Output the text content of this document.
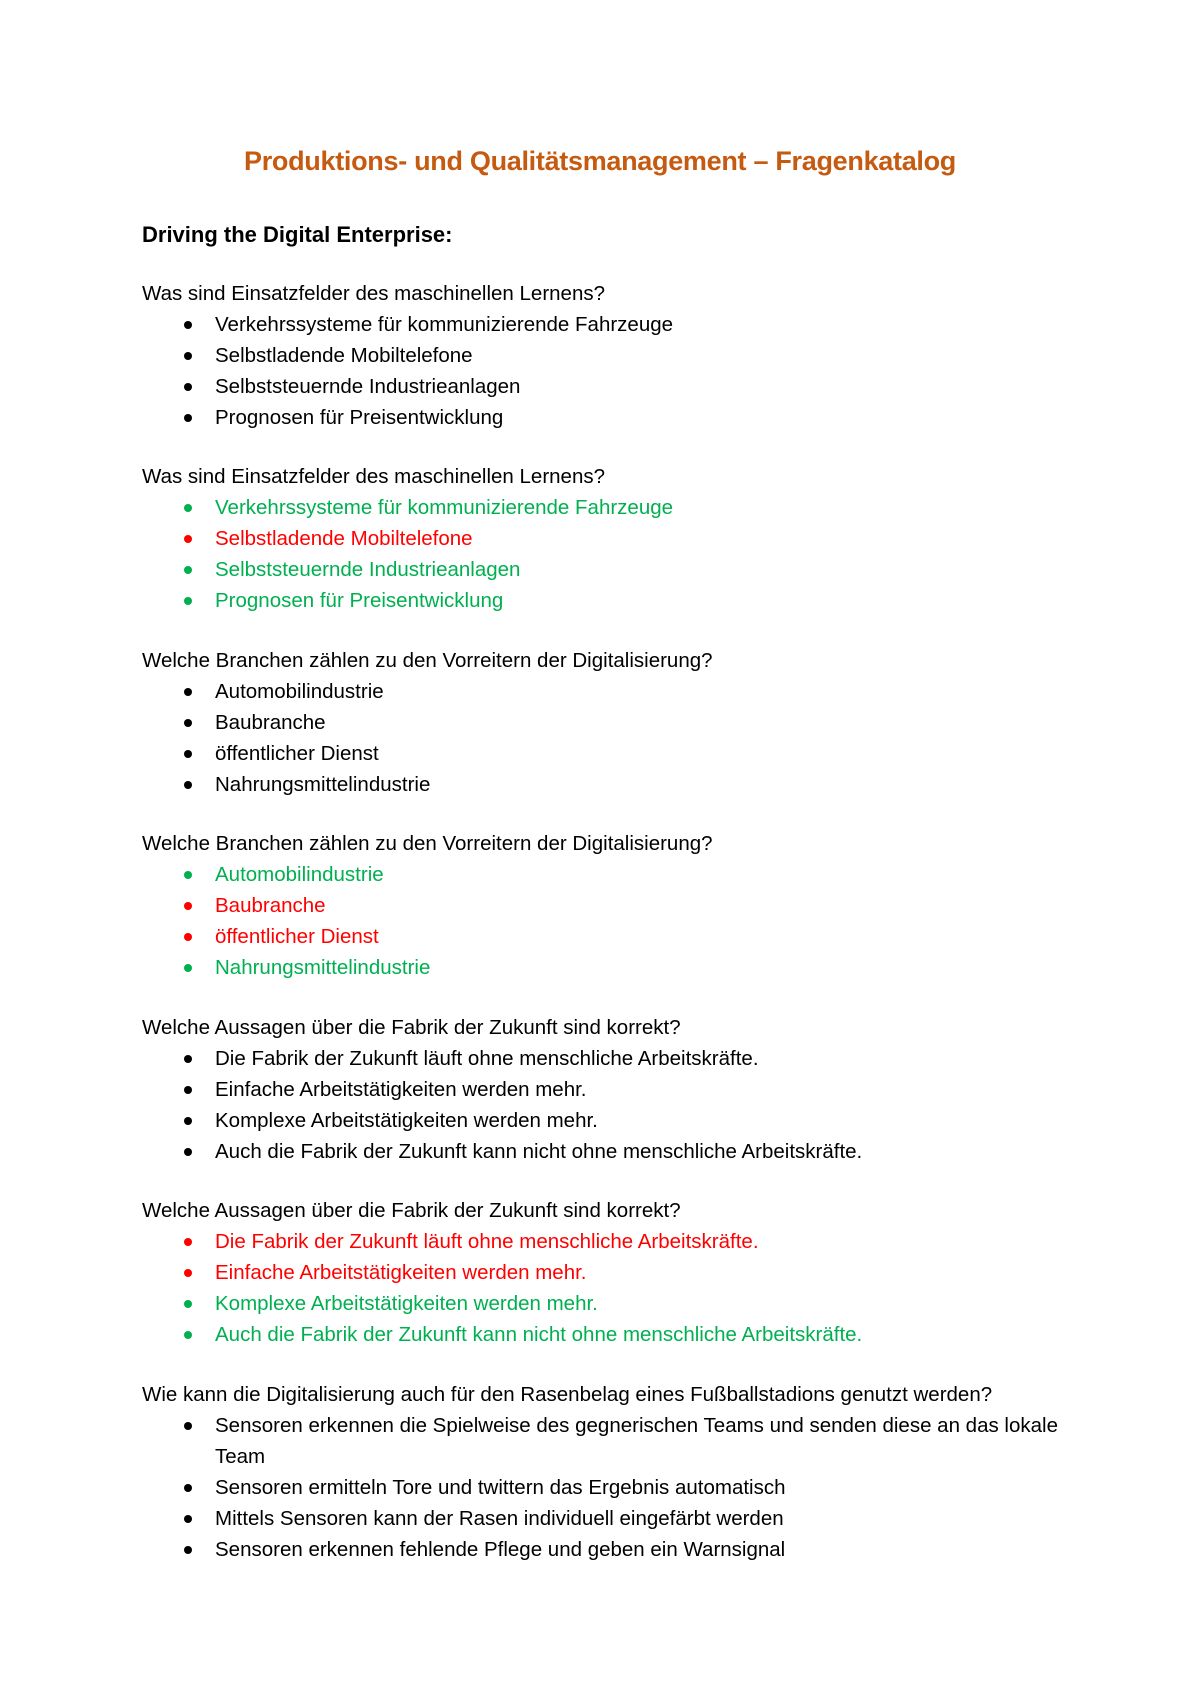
Produktions- und Qualitätsmanagement – Fragenkatalog
Driving the Digital Enterprise:
Was sind Einsatzfelder des maschinellen Lernens?
Verkehrssysteme für kommunizierende Fahrzeuge
Selbstladende Mobiltelefone
Selbststeuernde Industrieanlagen
Prognosen für Preisentwicklung
Was sind Einsatzfelder des maschinellen Lernens?
Verkehrssysteme für kommunizierende Fahrzeuge
Selbstladende Mobiltelefone
Selbststeuernde Industrieanlagen
Prognosen für Preisentwicklung
Welche Branchen zählen zu den Vorreitern der Digitalisierung?
Automobilindustrie
Baubranche
öffentlicher Dienst
Nahrungsmittelindustrie
Welche Branchen zählen zu den Vorreitern der Digitalisierung?
Automobilindustrie
Baubranche
öffentlicher Dienst
Nahrungsmittelindustrie
Welche Aussagen über die Fabrik der Zukunft sind korrekt?
Die Fabrik der Zukunft läuft ohne menschliche Arbeitskräfte.
Einfache Arbeitstätigkeiten werden mehr.
Komplexe Arbeitstätigkeiten werden mehr.
Auch die Fabrik der Zukunft kann nicht ohne menschliche Arbeitskräfte.
Welche Aussagen über die Fabrik der Zukunft sind korrekt?
Die Fabrik der Zukunft läuft ohne menschliche Arbeitskräfte.
Einfache Arbeitstätigkeiten werden mehr.
Komplexe Arbeitstätigkeiten werden mehr.
Auch die Fabrik der Zukunft kann nicht ohne menschliche Arbeitskräfte.
Wie kann die Digitalisierung auch für den Rasenbelag eines Fußballstadions genutzt werden?
Sensoren erkennen die Spielweise des gegnerischen Teams und senden diese an das lokale Team
Sensoren ermitteln Tore und twittern das Ergebnis automatisch
Mittels Sensoren kann der Rasen individuell eingefärbt werden
Sensoren erkennen fehlende Pflege und geben ein Warnsignal
